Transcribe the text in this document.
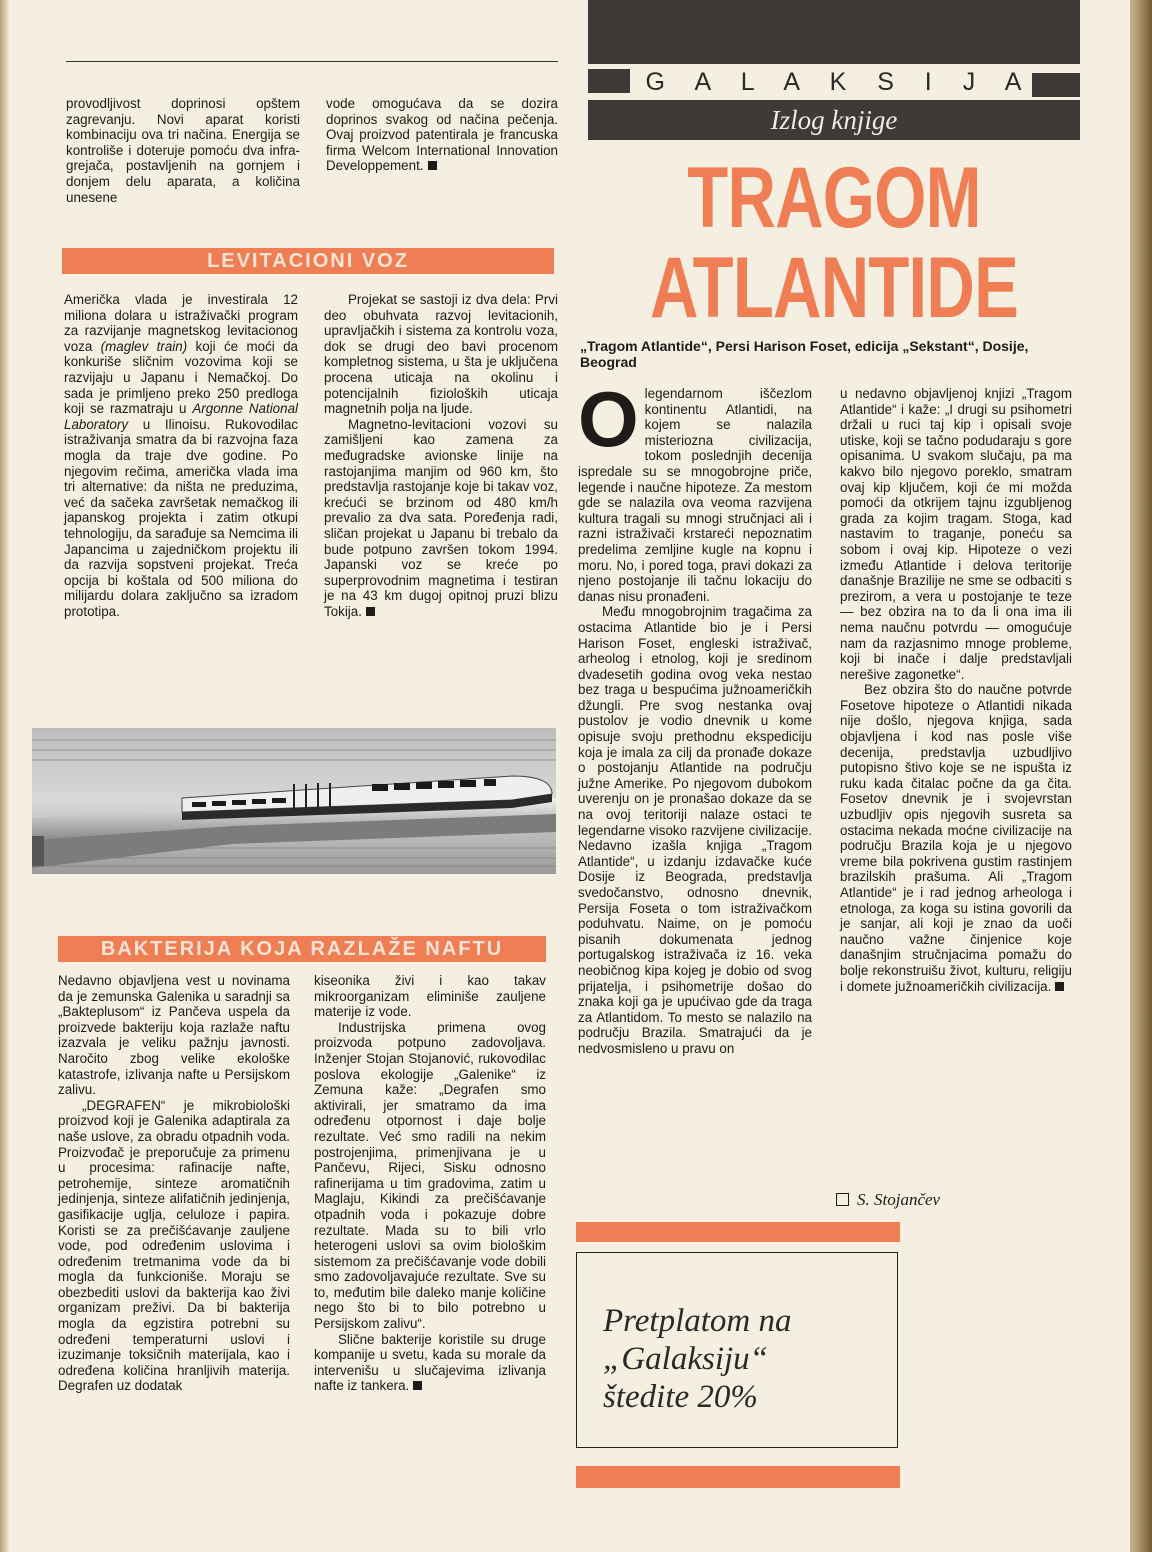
provodljivost doprinosi opštem zagrevanju. Novi aparat koristi kombinaciju ova tri načina. Energija se kontroliše i doteruje pomoću dva infra-grejača, postavljenih na gornjem i donjem delu aparata, a količina unesene

vode omogućava da se dozira doprinos svakog od načina pečenja. Ovaj proizvod patentirala je francuska firma Welcom International Innovation Developpement.

LEVITACIONI VOZ

Američka vlada je investirala 12 miliona dolara u istraživački program za razvijanje magnetskog levitacionog voza (maglev train) koji će moći da konkuriše sličnim vozovima koji se razvijaju u Japanu i Nemačkoj. Do sada je primljeno preko 250 predloga koji se razmatraju u Argonne National Laboratory u Ilinoisu. Rukovodilac istraživanja smatra da bi razvojna faza mogla da traje dve godine. Po njegovim rečima, američka vlada ima tri alternative: da ništa ne preduzima, već da sačeka završetak nemačkog ili japanskog projekta i zatim otkupi tehnologiju, da sarađuje sa Nemcima ili Japancima u zajedničkom projektu ili da razvija sopstveni projekat. Treća opcija bi koštala od 500 miliona do milijardu dolara zaključno sa izradom prototipa.

Projekat se sastoji iz dva dela: Prvi deo obuhvata razvoj levitacionih, upravljačkih i sistema za kontrolu voza, dok se drugi deo bavi procenom kompletnog sistema, u šta je uključena procena uticaja na okolinu i potencijalnih fizioloških uticaja magnetnih polja na ljude.

Magnetno-levitacioni vozovi su zamišljeni kao zamena za međugradske avionske linije na rastojanjima manjim od 960 km, što predstavlja rastojanje koje bi takav voz, krećući se brzinom od 480 km/h prevalio za dva sata. Poređenja radi, sličan projekat u Japanu bi trebalo da bude potpuno završen tokom 1994. Japanski voz se kreće po superprovodnim magnetima i testiran je na 43 km dugoj opitnoj pruzi blizu Tokija.

BAKTERIJA KOJA RAZLAŽE NAFTU

Nedavno objavljena vest u novinama da je zemunska Galenika u saradnji sa „Bakteplusom“ iz Pančeva uspela da proizvede bakteriju koja razlaže naftu izazvala je veliku pažnju javnosti. Naročito zbog velike ekološke katastrofe, izlivanja nafte u Persijskom zalivu.

„DEGRAFEN“ je mikrobiološki proizvod koji je Galenika adaptirala za naše uslove, za obradu otpadnih voda. Proizvođač je preporučuje za primenu u procesima: rafinacije nafte, petrohemije, sinteze aromatičnih jedinjenja, sinteze alifatičnih jedinjenja, gasifikacije uglja, celuloze i papira. Koristi se za prečišćavanje zauljene vode, pod određenim uslovima i određenim tretmanima vode da bi mogla da funkcioniše. Moraju se obezbediti uslovi da bakterija kao živi organizam preživi. Da bi bakterija mogla da egzistira potrebni su određeni temperaturni uslovi i izuzimanje toksičnih materijala, kao i određena količina hranljivih materija. Degrafen uz dodatak

kiseonika živi i kao takav mikroorganizam eliminiše zauljene materije iz vode.

Industrijska primena ovog proizvoda potpuno zadovoljava. Inženjer Stojan Stojanović, rukovodilac poslova ekologije „Galenike“ iz Zemuna kaže: „Degrafen smo aktivirali, jer smatramo da ima određenu otpornost i daje bolje rezultate. Već smo radili na nekim postrojenjima, primenjivana je u Pančevu, Rijeci, Sisku odnosno rafinerijama u tim gradovima, zatim u Maglaju, Kikindi za prečišćavanje otpadnih voda i pokazuje dobre rezultate. Mada su to bili vrlo heterogeni uslovi sa ovim biološkim sistemom za prečišćavanje vode dobili smo zadovoljavajuće rezultate. Sve su to, međutim bile daleko manje količine nego što bi to bilo potrebno u Persijskom zalivu“.

Slične bakterije koristile su druge kompanije u svetu, kada su morale da intervenišu u slučajevima izlivanja nafte iz tankera.

G A L A K S I J A
Izlog knjige
TRAGOM
ATLANTIDE
„Tragom Atlantide“, Persi Harison Foset, edicija „Sekstant“, Dosije, Beograd

Olegendarnom iščezlom kontinentu Atlantidi, na kojem se nalazila misteriozna civilizacija, tokom poslednjih decenija ispredale su se mnogobrojne priče, legende i naučne hipoteze. Za mestom gde se nalazila ova veoma razvijena kultura tragali su mnogi stručnjaci ali i razni istraživači krstareći nepoznatim predelima zemljine kugle na kopnu i moru. No, i pored toga, pravi dokazi za njeno postojanje ili tačnu lokaciju do danas nisu pronađeni.

Među mnogobrojnim tragačima za ostacima Atlantide bio je i Persi Harison Foset, engleski istraživač, arheolog i etnolog, koji je sredinom dvadesetih godina ovog veka nestao bez traga u bespućima južnoameričkih džungli. Pre svog nestanka ovaj pustolov je vodio dnevnik u kome opisuje svoju prethodnu ekspediciju koja je imala za cilj da pronađe dokaze o postojanju Atlantide na području južne Amerike. Po njegovom dubokom uverenju on je pronašao dokaze da se na ovoj teritoriji nalaze ostaci te legendarne visoko razvijene civilizacije. Nedavno izašla knjiga „Tragom Atlantide“, u izdanju izdavačke kuće Dosije iz Beograda, predstavlja svedočanstvo, odnosno dnevnik, Persija Foseta o tom istraživačkom poduhvatu. Naime, on je pomoću pisanih dokumenata jednog portugalskog istraživača iz 16. veka neobičnog kipa kojeg je dobio od svog prijatelja, i psihometrije došao do znaka koji ga je upućivao gde da traga za Atlantidom. To mesto se nalazilo na području Brazila. Smatrajući da je nedvosmisleno u pravu on

u nedavno objavljenoj knjizi „Tragom Atlantide“ i kaže: „I drugi su psihometri držali u ruci taj kip i opisali svoje utiske, koji se tačno podudaraju s gore opisanima. U svakom slučaju, pa ma kakvo bilo njegovo poreklo, smatram ovaj kip ključem, koji će mi možda pomoći da otkrijem tajnu izgubljenog grada za kojim tragam. Stoga, kad nastavim to traganje, poneću sa sobom i ovaj kip. Hipoteze o vezi između Atlantide i delova teritorije današnje Brazilije ne sme se odbaciti s prezirom, a vera u postojanje te teze — bez obzira na to da li ona ima ili nema naučnu potvrdu — omogućuje nam da razjasnimo mnoge probleme, koji bi inače i dalje predstavljali nerešive zagonetke“.

Bez obzira što do naučne potvrde Fosetove hipoteze o Atlantidi nikada nije došlo, njegova knjiga, sada objavljena i kod nas posle više decenija, predstavlja uzbudljivo putopisno štivo koje se ne ispušta iz ruku kada čitalac počne da ga čita. Fosetov dnevnik je i svojevrstan uzbudljiv opis njegovih susreta sa ostacima nekada moćne civilizacije na području Brazila koja je u njegovo vreme bila pokrivena gustim rastinjem brazilskih prašuma. Ali „Tragom Atlantide“ je i rad jednog arheologa i etnologa, za koga su istina govorili da je sanjar, ali koji je znao da uoči naučno važne činjenice koje današnjim stručnjacima pomažu do bolje rekonstruišu život, kulturu, religiju i domete južnoameričkih civilizacija.

S. Stojančev
Pretplatom na
„Galaksiju“
štedite 20%
